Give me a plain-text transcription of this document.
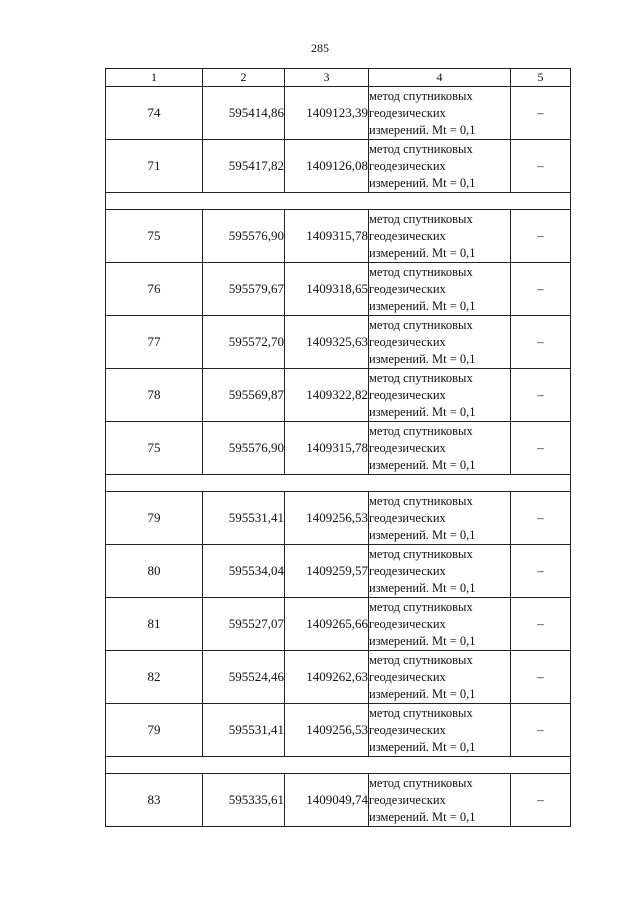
285
1	2	3	4	5
74	595414,86	1409123,39	метод спутниковых
геодезических
измерений. Mt = 0,1	–
71	595417,82	1409126,08	метод спутниковых
геодезических
измерений. Mt = 0,1	–

75	595576,90	1409315,78	метод спутниковых
геодезических
измерений. Mt = 0,1	–
76	595579,67	1409318,65	метод спутниковых
геодезических
измерений. Mt = 0,1	–
77	595572,70	1409325,63	метод спутниковых
геодезических
измерений. Mt = 0,1	–
78	595569,87	1409322,82	метод спутниковых
геодезических
измерений. Mt = 0,1	–
75	595576,90	1409315,78	метод спутниковых
геодезических
измерений. Mt = 0,1	–

79	595531,41	1409256,53	метод спутниковых
геодезических
измерений. Mt = 0,1	–
80	595534,04	1409259,57	метод спутниковых
геодезических
измерений. Mt = 0,1	–
81	595527,07	1409265,66	метод спутниковых
геодезических
измерений. Mt = 0,1	–
82	595524,46	1409262,63	метод спутниковых
геодезических
измерений. Mt = 0,1	–
79	595531,41	1409256,53	метод спутниковых
геодезических
измерений. Mt = 0,1	–

83	595335,61	1409049,74	метод спутниковых
геодезических
измерений. Mt = 0,1	–
